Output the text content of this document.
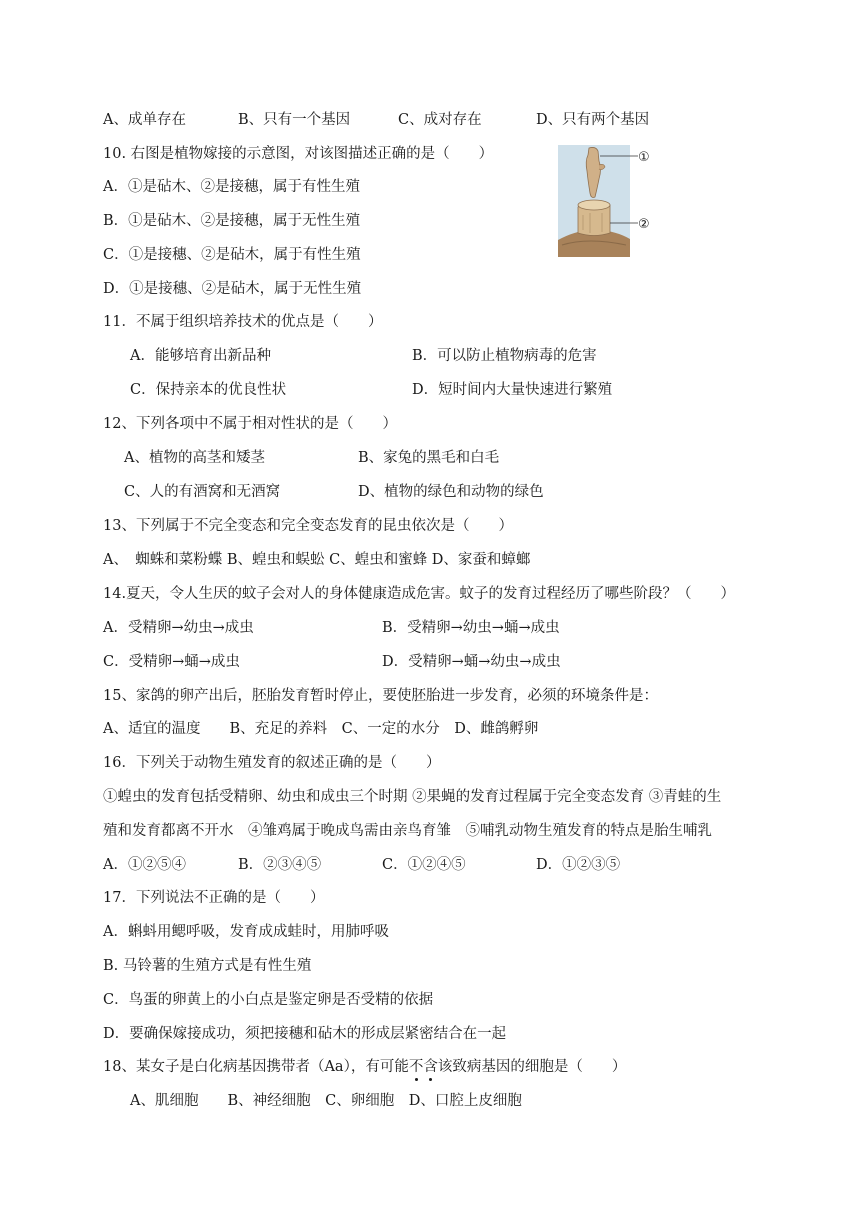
A、成单存在	B、只有一个基因	C、成对存在	D、只有两个基因
10. 右图是植物嫁接的示意图，对该图描述正确的是（　　）
A．①是砧木、②是接穗，属于有性生殖
B．①是砧木、②是接穗，属于无性生殖
C．①是接穗、②是砧木，属于有性生殖
D．①是接穗、②是砧木，属于无性生殖
①
②
11．不属于组织培养技术的优点是（　　）
A．能够培育出新品种	B．可以防止植物病毒的危害
C．保持亲本的优良性状	D．短时间内大量快速进行繁殖
12、下列各项中不属于相对性状的是（　　）
A、植物的高茎和矮茎	B、家兔的黑毛和白毛
C、人的有酒窝和无酒窝	D、植物的绿色和动物的绿色
13、下列属于不完全变态和完全变态发育的昆虫依次是（　　）
A、　蜘蛛和菜粉蝶 B、蝗虫和蜈蚣 C、蝗虫和蜜蜂 D、家蚕和蟑螂
14.夏天，令人生厌的蚊子会对人的身体健康造成危害。蚊子的发育过程经历了哪些阶段？（　　）
A．受精卵→幼虫→成虫	B．受精卵→幼虫→蛹→成虫
C．受精卵→蛹→成虫	D．受精卵→蛹→幼虫→成虫
15、家鸽的卵产出后，胚胎发育暂时停止，要使胚胎进一步发育，必须的环境条件是：
A、适宜的温度　　B、充足的养料　C、一定的水分　D、雌鸽孵卵
16．下列关于动物生殖发育的叙述正确的是（　　）
①蝗虫的发育包括受精卵、幼虫和成虫三个时期 ②果蝇的发育过程属于完全变态发育 ③青蛙的生
殖和发育都离不开水　④雏鸡属于晚成鸟需由亲鸟育雏　⑤哺乳动物生殖发育的特点是胎生哺乳
A．①②⑤④	B．②③④⑤	C．①②④⑤	D．①②③⑤
17．下列说法不正确的是（　　）
A．蝌蚪用鳃呼吸，发育成成蛙时，用肺呼吸
B. 马铃薯的生殖方式是有性生殖
C．鸟蛋的卵黄上的小白点是鉴定卵是否受精的依据
D．要确保嫁接成功，须把接穗和砧木的形成层紧密结合在一起
18、某女子是白化病基因携带者（Aa），有可能不含该致病基因的细胞是（　　）
A、肌细胞　　B、神经细胞　C、卵细胞　D、口腔上皮细胞
